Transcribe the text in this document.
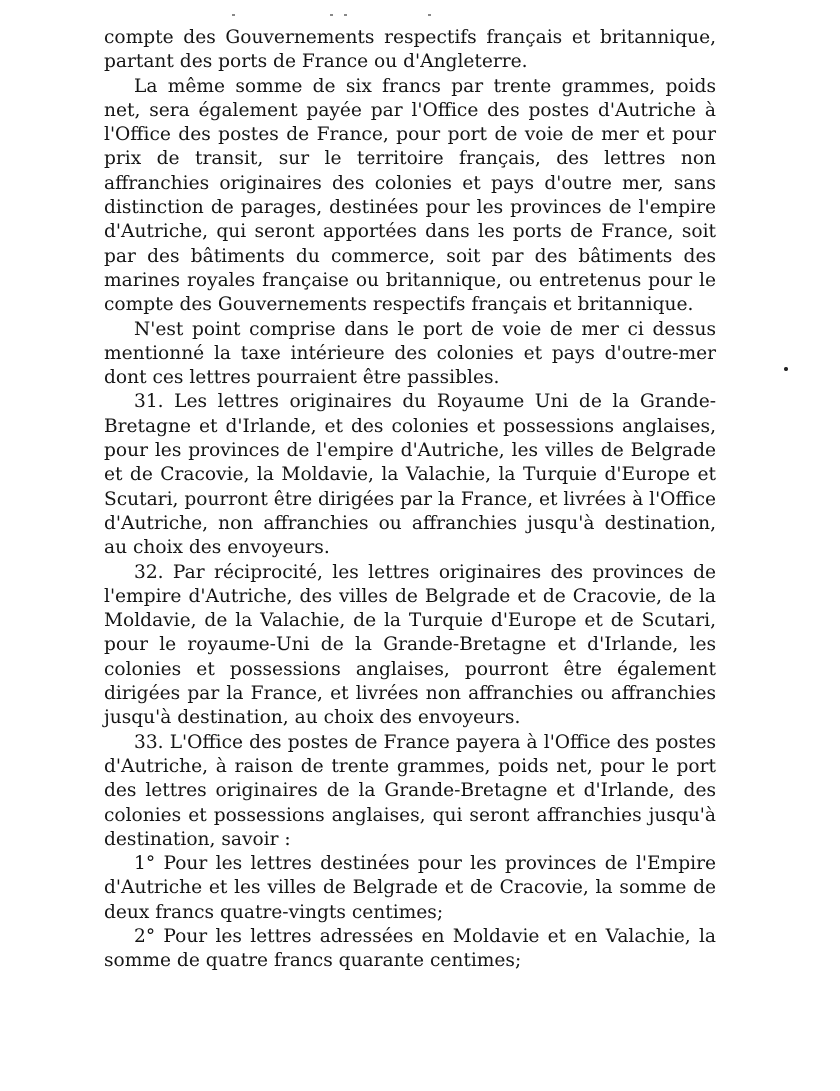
compte des Gouvernements respectifs français et britannique, partant des ports de France ou d'Angleterre.

La même somme de six francs par trente grammes, poids net, sera également payée par l'Office des postes d'Autriche à l'Office des postes de France, pour port de voie de mer et pour prix de transit, sur le territoire français, des lettres non affranchies originaires des colonies et pays d'outre mer, sans distinction de parages, destinées pour les provinces de l'empire d'Autriche, qui seront apportées dans les ports de France, soit par des bâtiments du commerce, soit par des bâtiments des marines royales française ou britannique, ou entretenus pour le compte des Gouvernements respectifs français et britannique.

N'est point comprise dans le port de voie de mer ci dessus mentionné la taxe intérieure des colonies et pays d'outre-mer dont ces lettres pourraient être passibles.

31. Les lettres originaires du Royaume Uni de la Grande-Bretagne et d'Irlande, et des colonies et possessions anglaises, pour les provinces de l'empire d'Autriche, les villes de Belgrade et de Cracovie, la Moldavie, la Valachie, la Turquie d'Europe et Scutari, pourront être dirigées par la France, et livrées à l'Office d'Autriche, non affranchies ou affranchies jusqu'à destination, au choix des envoyeurs.

32. Par réciprocité, les lettres originaires des provinces de l'empire d'Autriche, des villes de Belgrade et de Cracovie, de la Moldavie, de la Valachie, de la Turquie d'Europe et de Scutari, pour le royaume-Uni de la Grande-Bretagne et d'Irlande, les colonies et possessions anglaises, pourront être également dirigées par la France, et livrées non affranchies ou affranchies jusqu'à destination, au choix des envoyeurs.

33. L'Office des postes de France payera à l'Office des postes d'Autriche, à raison de trente grammes, poids net, pour le port des lettres originaires de la Grande-Bretagne et d'Irlande, des colonies et possessions anglaises, qui seront affranchies jusqu'à destination, savoir :

1° Pour les lettres destinées pour les provinces de l'Empire d'Autriche et les villes de Belgrade et de Cracovie, la somme de deux francs quatre-vingts centimes;

2° Pour les lettres adressées en Moldavie et en Valachie, la somme de quatre francs quarante centimes;
